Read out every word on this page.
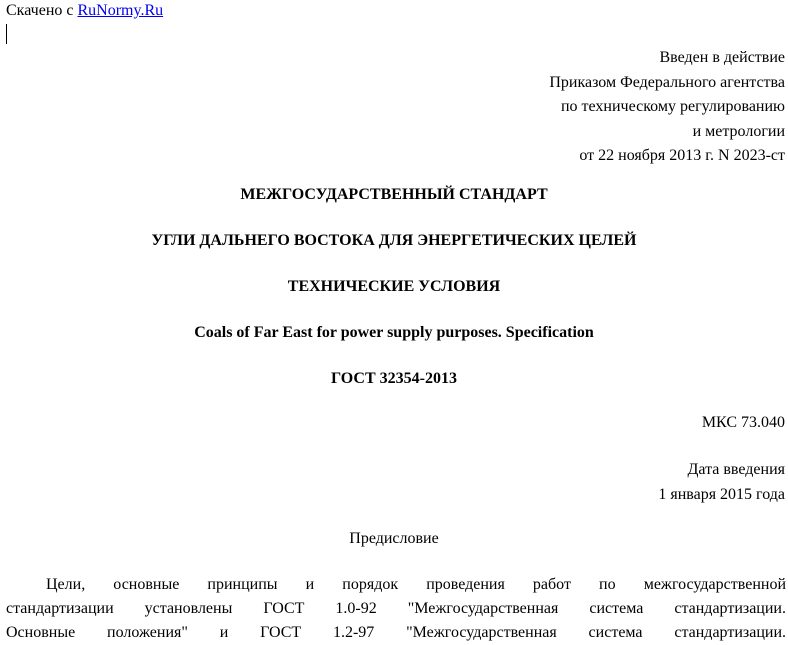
Скачено с RuNormy.Ru
Введен в действие
Приказом Федерального агентства
по техническому регулированию
и метрологии
от 22 ноября 2013 г. N 2023-ст
МЕЖГОСУДАРСТВЕННЫЙ СТАНДАРТ
УГЛИ ДАЛЬНЕГО ВОСТОКА ДЛЯ ЭНЕРГЕТИЧЕСКИХ ЦЕЛЕЙ
ТЕХНИЧЕСКИЕ УСЛОВИЯ
Coals of Far East for power supply purposes. Specification
ГОСТ 32354-2013
МКС 73.040
Дата введения
1 января 2015 года
Предисловие
Цели, основные принципы и порядок проведения работ по межгосударственной
стандартизации установлены ГОСТ 1.0-92 "Межгосударственная система стандартизации.
Основные положения" и ГОСТ 1.2-97 "Межгосударственная система стандартизации.
